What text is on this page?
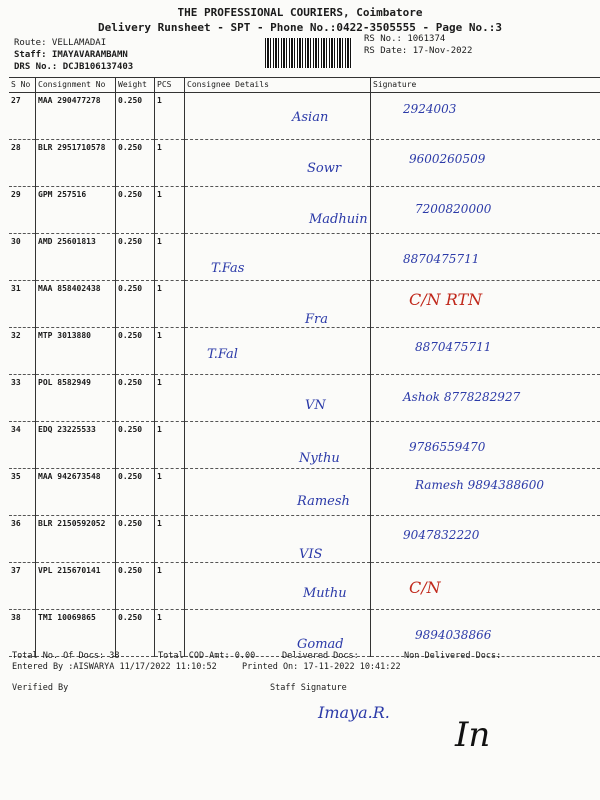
THE PROFESSIONAL COURIERS, Coimbatore
Delivery Runsheet - SPT - Phone No.:0422-3505555 - Page No.:3
Route: VELLAMADAI
Staff: IMAYAVARAMBAMN
DRS No.: DCJB106137403
RS No.: 1061374
RS Date: 17-Nov-2022
S No	Consignment No	Weight	PCS	Consignee Details	Signature
27	MAA 290477278	0.250	1	Asian	2924003

28	BLR 2951710578	0.250	1	Sowr	9600260509

29	GPM 257516	0.250	1	Madhuin	7200820000

30	AMD 25601813	0.250	1	T.Fas	8870475711

31	MAA 858402438	0.250	1	Fra	C/N RTN

32	MTP 3013880	0.250	1	T.Fal	8870475711

33	POL 8582949	0.250	1	VN	Ashok 8778282927

34	EDQ 23225533	0.250	1	Nythu	9786559470

35	MAA 942673548	0.250	1	Ramesh	Ramesh 9894388600

36	BLR 2150592052	0.250	1	VIS	9047832220

37	VPL 215670141	0.250	1	Muthu	C/N

38	TMI 10069865	0.250	1	Gomad	9894038866
Total No. Of Docs: 38	Total COD Amt: 0.00	Delivered Docs:	Non Delivered Docs:
Entered By :AISWARYA 11/17/2022 11:10:52	Printed On: 17-11-2022 10:41:22
Verified By	Staff Signature
Imaya.R.
In
